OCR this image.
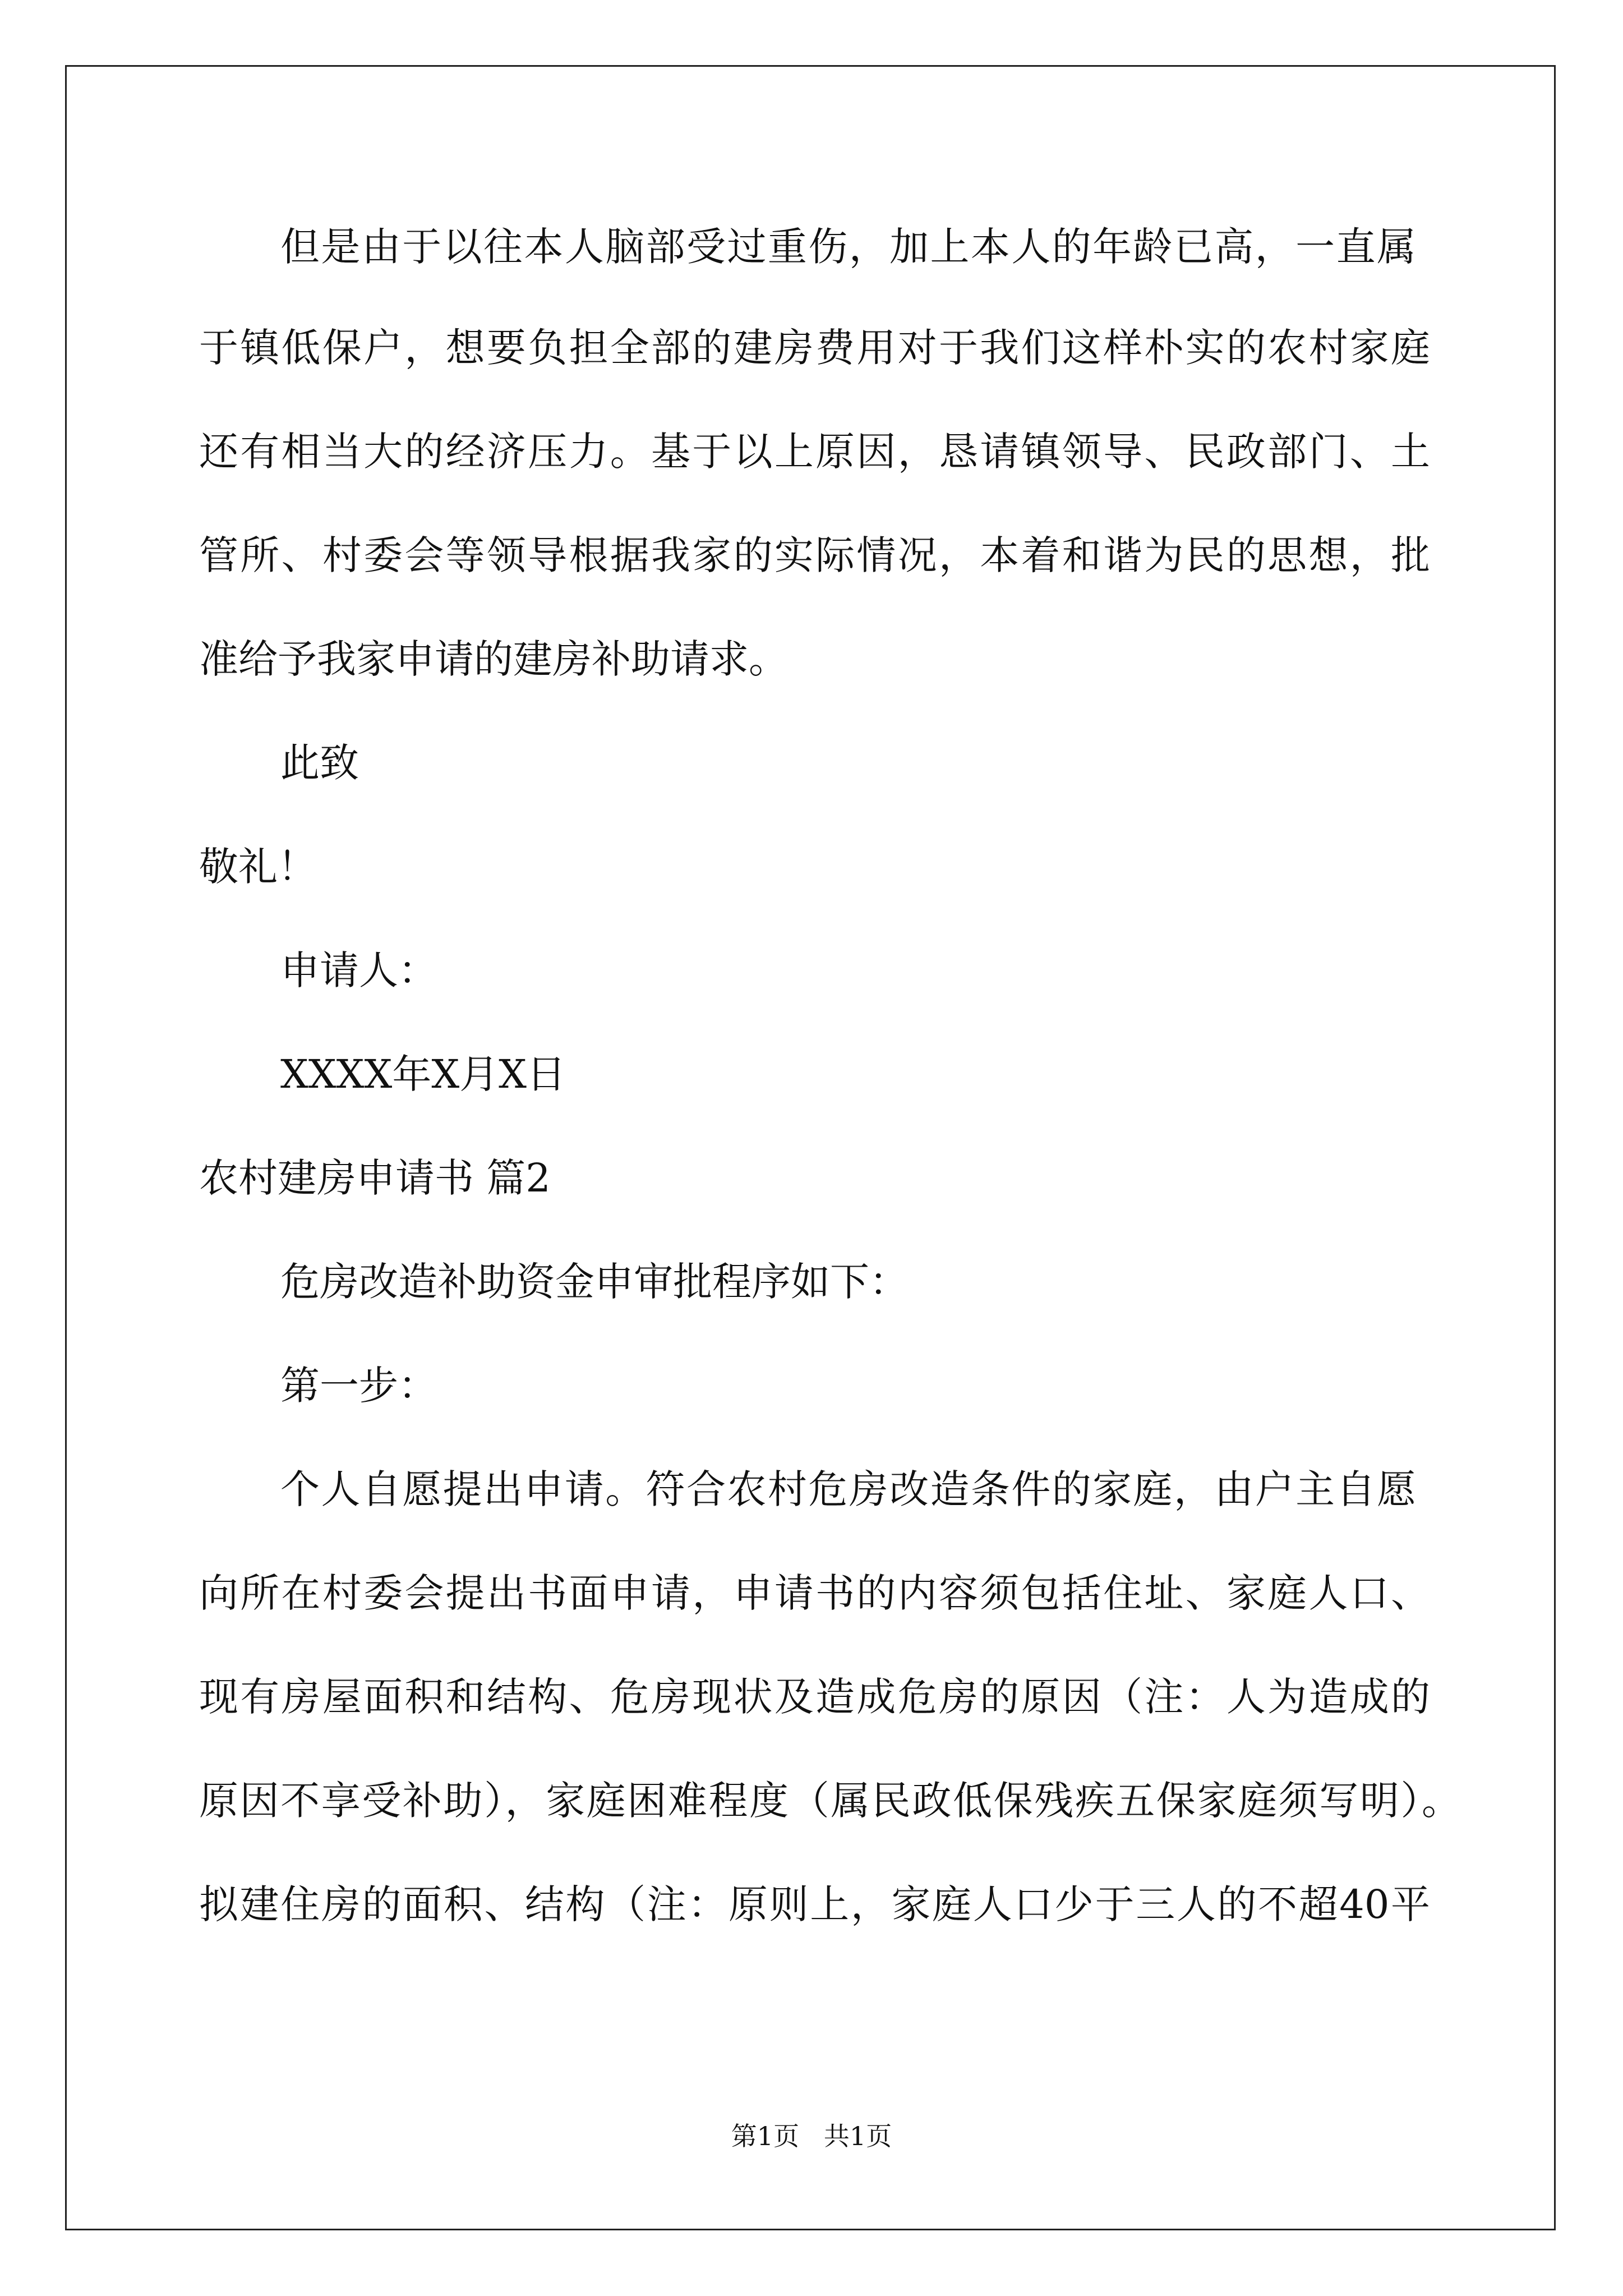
但是由于以往本人脑部受过重伤，加上本人的年龄已高，一直属
于镇低保户，想要负担全部的建房费用对于我们这样朴实的农村家庭
还有相当大的经济压力。基于以上原因，恳请镇领导、民政部门、土
管所、村委会等领导根据我家的实际情况，本着和谐为民的思想，批
准给予我家申请的建房补助请求。
此致
敬礼！
申请人：
XXXX年X月X日
农村建房申请书 篇2
危房改造补助资金申审批程序如下：
第一步：
个人自愿提出申请。符合农村危房改造条件的家庭，由户主自愿
向所在村委会提出书面申请，申请书的内容须包括住址、家庭人口、
现有房屋面积和结构、危房现状及造成危房的原因（注：人为造成的
原因不享受补助），家庭困难程度（属民政低保残疾五保家庭须写明）。
拟建住房的面积、结构（注：原则上，家庭人口少于三人的不超40平
第1页   共1页
